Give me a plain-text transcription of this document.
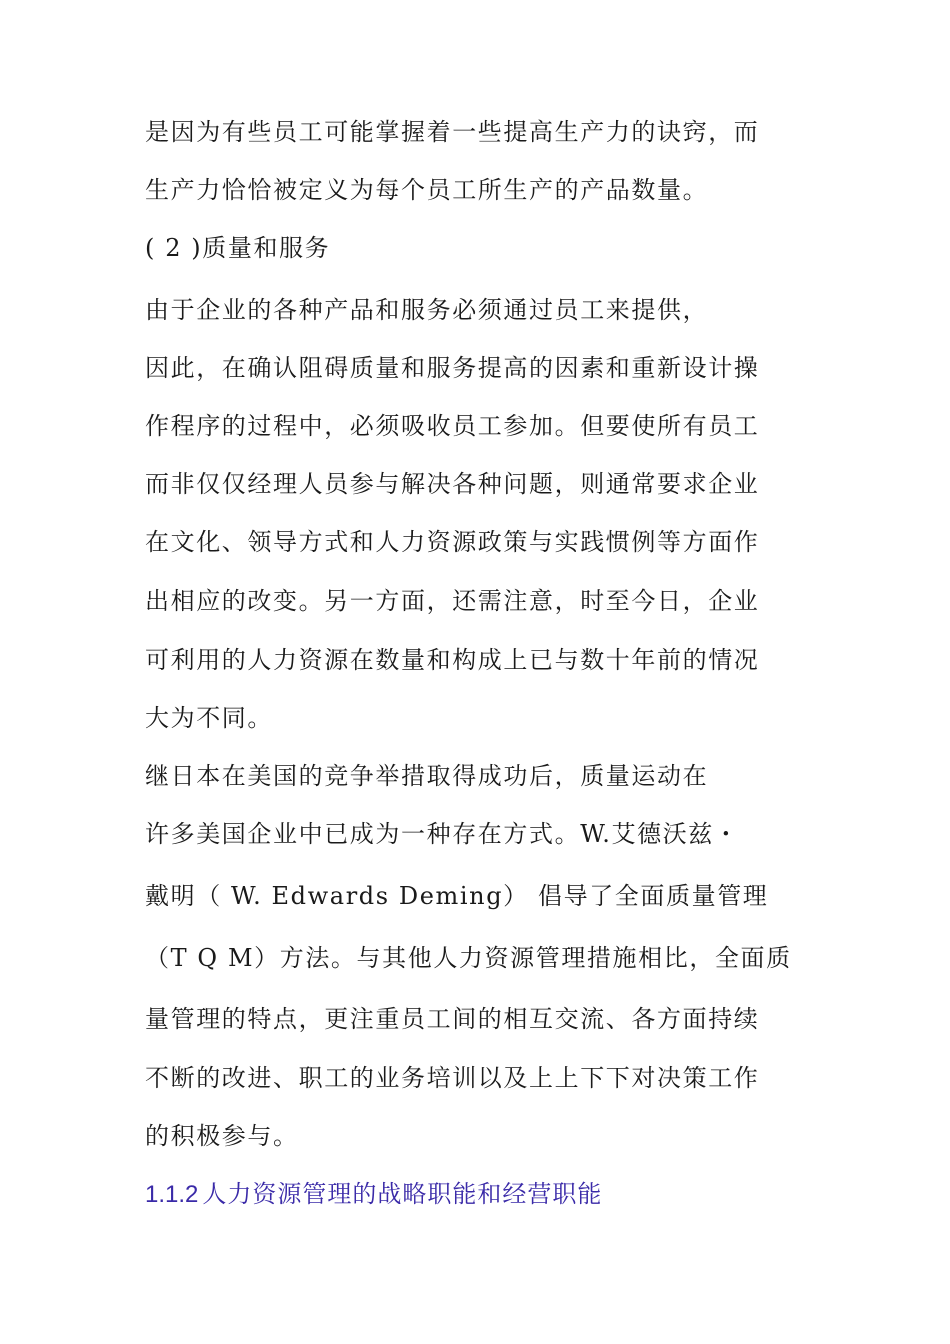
是因为有些员工可能掌握着一些提高生产力的诀窍，而
生产力恰恰被定义为每个员工所生产的产品数量。
( 2 )质量和服务
由于企业的各种产品和服务必须通过员工来提供，
因此，在确认阻碍质量和服务提高的因素和重新设计操
作程序的过程中，必须吸收员工参加。但要使所有员工
而非仅仅经理人员参与解决各种问题，则通常要求企业
在文化、领导方式和人力资源政策与实践惯例等方面作
出相应的改变。另一方面，还需注意，时至今日，企业
可利用的人力资源在数量和构成上已与数十年前的情况
大为不同。
继日本在美国的竞争举措取得成功后，质量运动在
许多美国企业中已成为一种存在方式。W.艾德沃兹・
戴明（ W. Edwards Deming） 倡导了全面质量管理
（T Q M）方法。与其他人力资源管理措施相比，全面质
量管理的特点，更注重员工间的相互交流、各方面持续
不断的改进、职工的业务培训以及上上下下对决策工作
的积极参与。
1.1.2 人力资源管理的战略职能和经营职能
